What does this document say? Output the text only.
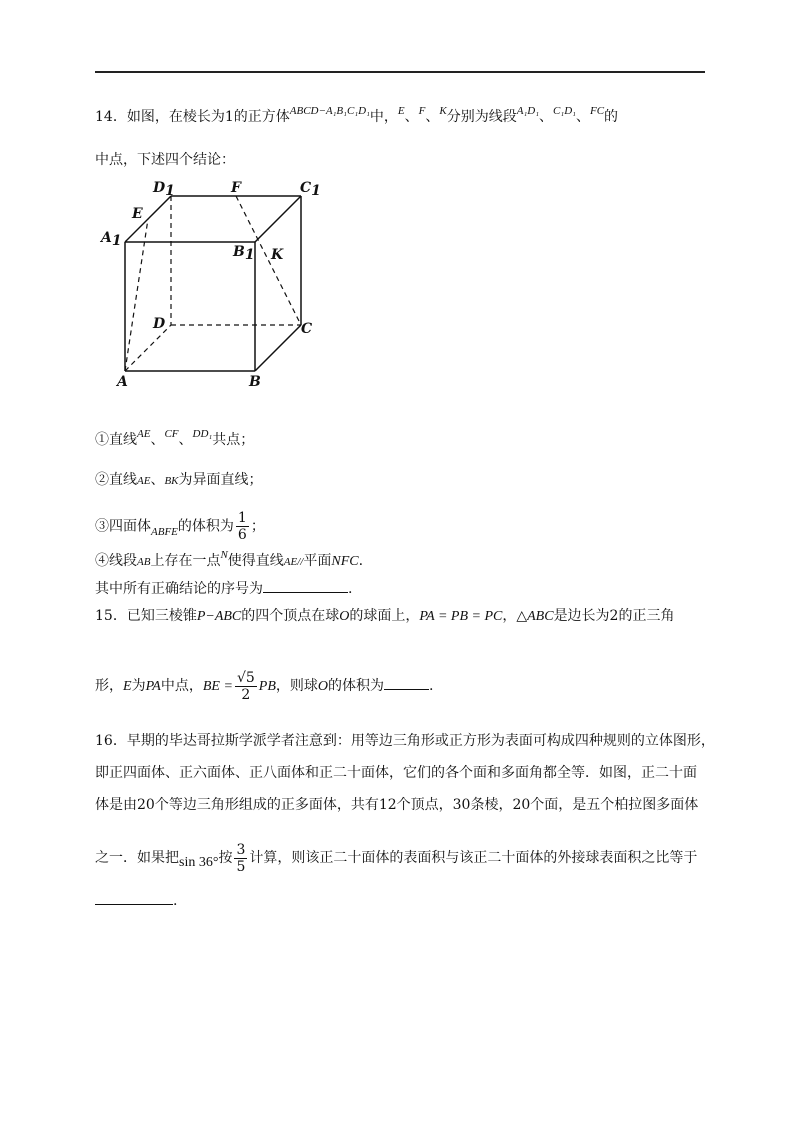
14．如图，在棱长为1的正方体$^{ABCD-A_1B_1C_1D_1}$中，$^E$、$^F$、$^K$分别为线段$^{A_1D_1}$、$^{C_1D_1}$、$^{FC}$的
中点，下述四个结论：
D1	F	C1
E
A1
B1 K
D	C
A	B
①直线$^{AE}$、$^{CF}$、$^{DD_1}$共点；
②直线AE、BK为异面直线；
③四面体$_{ABFE}$的体积为 $\frac{1}{6}$ ；
④线段AB上存在一点$^N$使得直线AE//平面NFC.
其中所有正确结论的序号为	.
15．已知三棱锥P−ABC的四个顶点在球O的球面上，PA = PB = PC，△ABC是边长为2的正三角
形，E为PA中点，BE = $\frac{√5}{2}$ PB，则球O的体积为	.
16．早期的毕达哥拉斯学派学者注意到：用等边三角形或正方形为表面可构成四种规则的立体图形，
即正四面体、正六面体、正八面体和正二十面体，它们的各个面和多面角都全等．如图，正二十面
体是由20个等边三角形组成的正多面体，共有12个顶点，30条棱，20个面，是五个柏拉图多面体
之一．如果把sin 36°按 $\frac{3}{5}$ 计算，则该正二十面体的表面积与该正二十面体的外接球表面积之比等于
.
